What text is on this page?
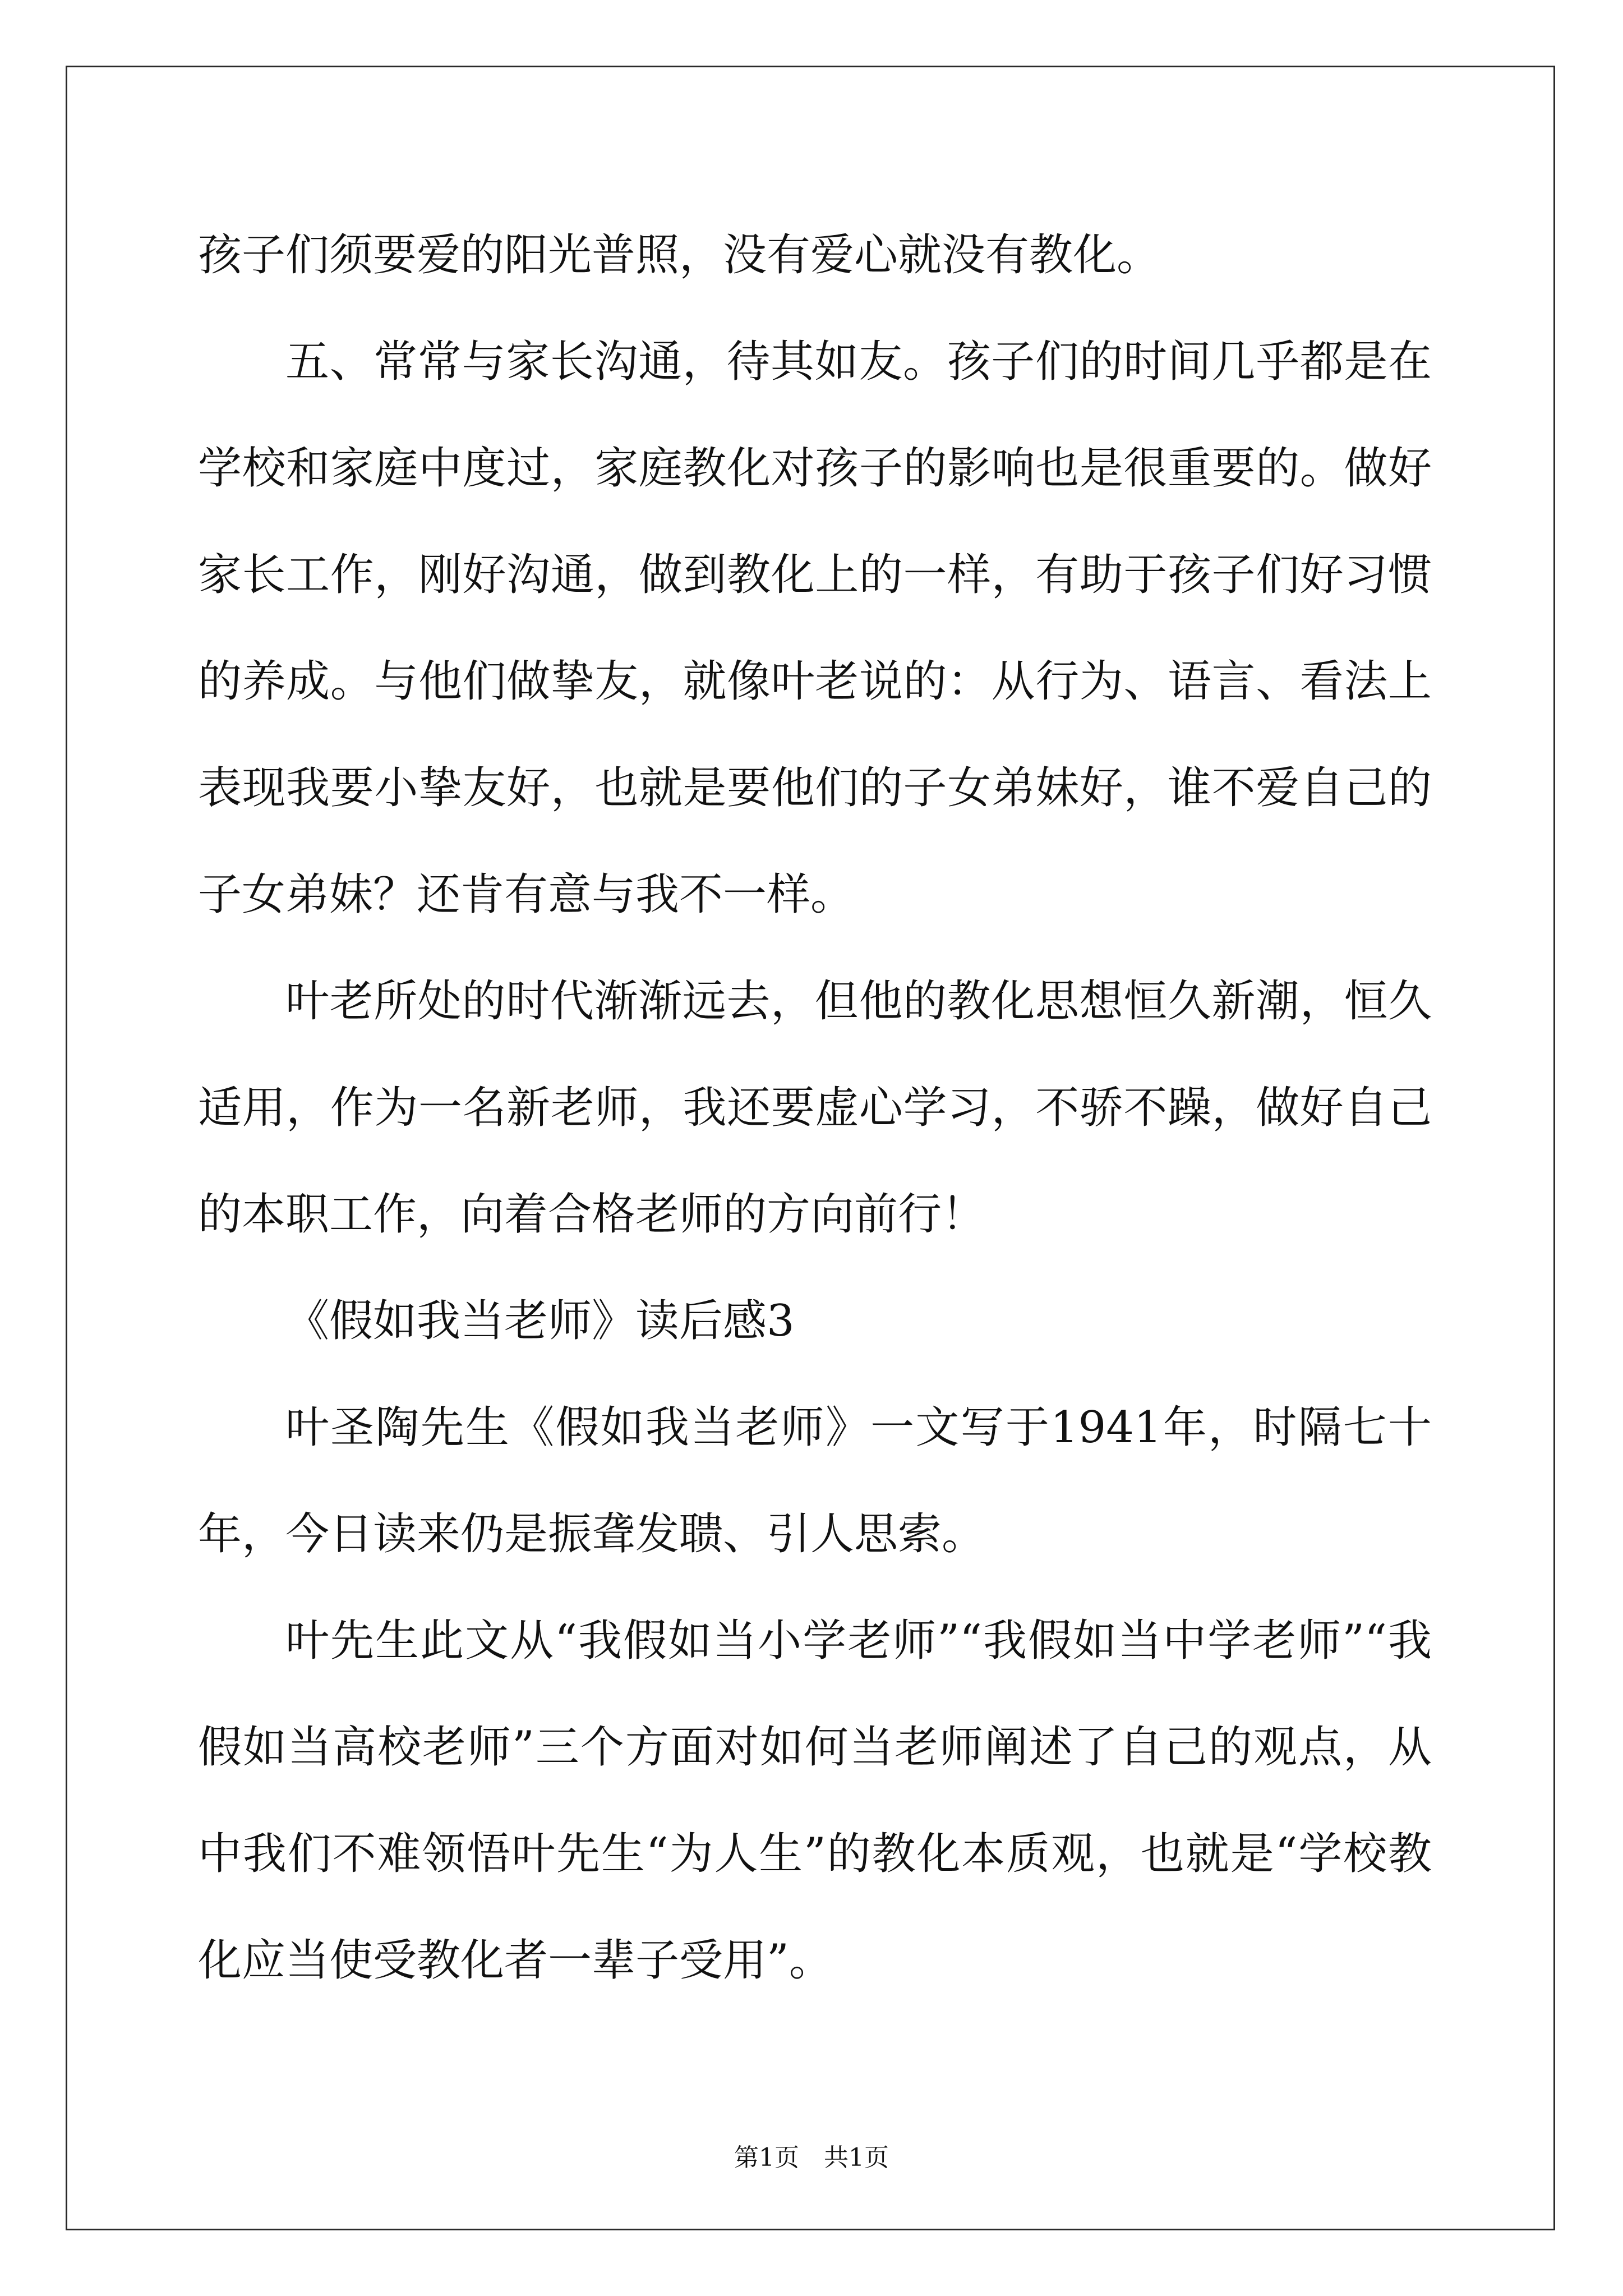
孩子们须要爱的阳光普照，没有爱心就没有教化。

五、常常与家长沟通，待其如友。孩子们的时间几乎都是在学校和家庭中度过，家庭教化对孩子的影响也是很重要的。做好家长工作，刚好沟通，做到教化上的一样，有助于孩子们好习惯的养成。与他们做挚友，就像叶老说的：从行为、语言、看法上表现我要小挚友好，也就是要他们的子女弟妹好，谁不爱自己的子女弟妹？还肯有意与我不一样。

叶老所处的时代渐渐远去，但他的教化思想恒久新潮，恒久适用，作为一名新老师，我还要虚心学习，不骄不躁，做好自己的本职工作，向着合格老师的方向前行！

《假如我当老师》读后感3

叶圣陶先生《假如我当老师》一文写于1941年，时隔七十年，今日读来仍是振聋发聩、引人思索。

叶先生此文从“我假如当小学老师”“我假如当中学老师”“我假如当高校老师”三个方面对如何当老师阐述了自己的观点，从中我们不难领悟叶先生“为人生”的教化本质观，也就是“学校教化应当使受教化者一辈子受用”。

第1页　共1页
